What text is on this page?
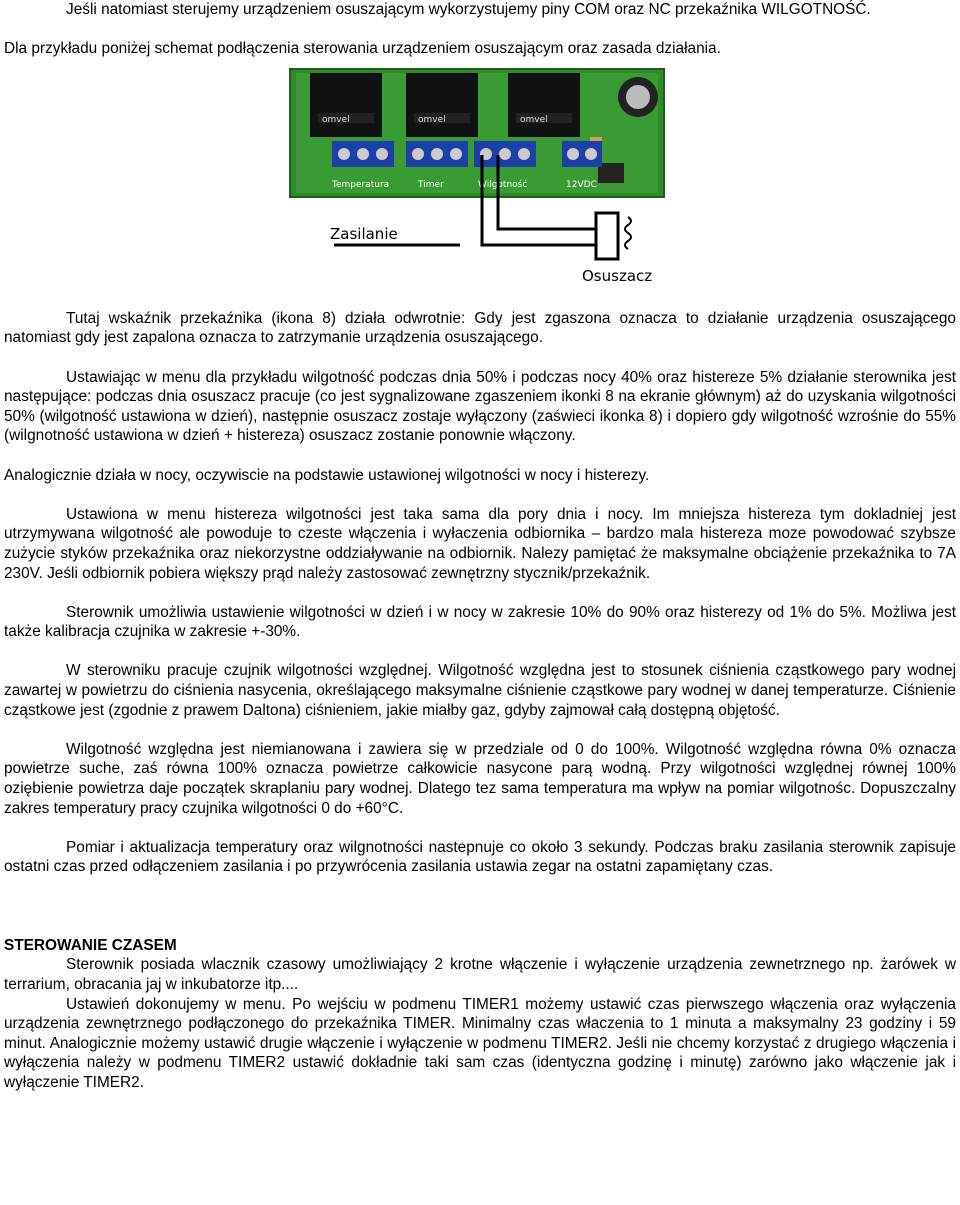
Jeśli natomiast sterujemy urządzeniem osuszającym wykorzystujemy piny COM oraz NC przekaźnika WILGOTNOŚĆ.

Dla przykładu poniżej schemat podłączenia sterowania urządzeniem osuszającym oraz zasada działania.

omvel	omvel	omvel
Temperatura	Timer	Wilgotność	12VDC
Zasilanie
Osuszacz

Tutaj wskaźnik przekaźnika (ikona 8) działa odwrotnie: Gdy jest zgaszona oznacza to działanie urządzenia osuszającego natomiast gdy jest zapalona oznacza to zatrzymanie urządzenia osuszającego.

Ustawiając w menu dla przykładu wilgotność podczas dnia 50% i podczas nocy 40% oraz histereze 5% działanie sterownika jest następujące: podczas dnia osuszacz pracuje (co jest sygnalizowane zgaszeniem ikonki 8 na ekranie głównym) aż do uzyskania wilgotności 50% (wilgotność ustawiona w dzień), następnie osuszacz zostaje wyłączony (zaświeci ikonka 8) i dopiero gdy wilgotność wzrośnie do 55% (wilgnotność ustawiona w dzień + histereza) osuszacz zostanie ponownie włączony.

Analogicznie działa w nocy, oczywiscie na podstawie ustawionej wilgotności w nocy i histerezy.

Ustawiona w menu histereza wilgotności jest taka sama dla pory dnia i nocy. Im mniejsza histereza tym dokladniej jest utrzymywana wilgotność ale powoduje to czeste włączenia i wyłaczenia odbiornika – bardzo mala histereza moze powodować szybsze zużycie styków przekaźnika oraz niekorzystne oddziaływanie na odbiornik. Nalezy pamiętać że maksymalne obciążenie przekaźnika to 7A 230V. Jeśli odbiornik pobiera większy prąd należy zastosować zewnętrzny stycznik/przekaźnik.

Sterownik umożliwia ustawienie wilgotności w dzień i w nocy w zakresie 10% do 90% oraz histerezy od 1% do 5%. Możliwa jest także kalibracja czujnika w zakresie +-30%.

W sterowniku pracuje czujnik wilgotności względnej. Wilgotność względna jest to stosunek ciśnienia cząstkowego pary wodnej zawartej w powietrzu do ciśnienia nasycenia, określającego maksymalne ciśnienie cząstkowe pary wodnej w danej temperaturze. Ciśnienie cząstkowe jest (zgodnie z prawem Daltona) ciśnieniem, jakie miałby gaz, gdyby zajmował całą dostępną objętość.

Wilgotność względna jest niemianowana i zawiera się w przedziale od 0 do 100%. Wilgotność względna równa 0% oznacza powietrze suche, zaś równa 100% oznacza powietrze całkowicie nasycone parą wodną. Przy wilgotności względnej równej 100% oziębienie powietrza daje początek skraplaniu pary wodnej. Dlatego tez sama temperatura ma wpływ na pomiar wilgotnośc. Dopuszczalny zakres temperatury pracy czujnika wilgotności 0 do +60°C.

Pomiar i aktualizacja temperatury oraz wilgnotności nastepnuje co około 3 sekundy. Podczas braku zasilania sterownik zapisuje ostatni czas przed odłączeniem zasilania i po przywrócenia zasilania ustawia zegar na ostatni zapamiętany czas.

STEROWANIE CZASEM

Sterownik posiada wlacznik czasowy umożliwiający 2 krotne włączenie i wyłączenie urządzenia zewnetrznego np. żarówek w terrarium, obracania jaj w inkubatorze itp....

Ustawień dokonujemy w menu. Po wejściu w podmenu TIMER1 możemy ustawić czas pierwszego włączenia oraz wyłączenia urządzenia zewnętrznego podłączonego do przekaźnika TIMER. Minimalny czas właczenia to 1 minuta a maksymalny 23 godziny i 59 minut. Analogicznie możemy ustawić drugie włączenie i wyłączenie w podmenu TIMER2. Jeśli nie chcemy korzystać z drugiego włączenia i wyłączenia należy w podmenu TIMER2 ustawić dokładnie taki sam czas (identyczna godzinę i minutę) zarówno jako włączenie jak i wyłączenie TIMER2.
